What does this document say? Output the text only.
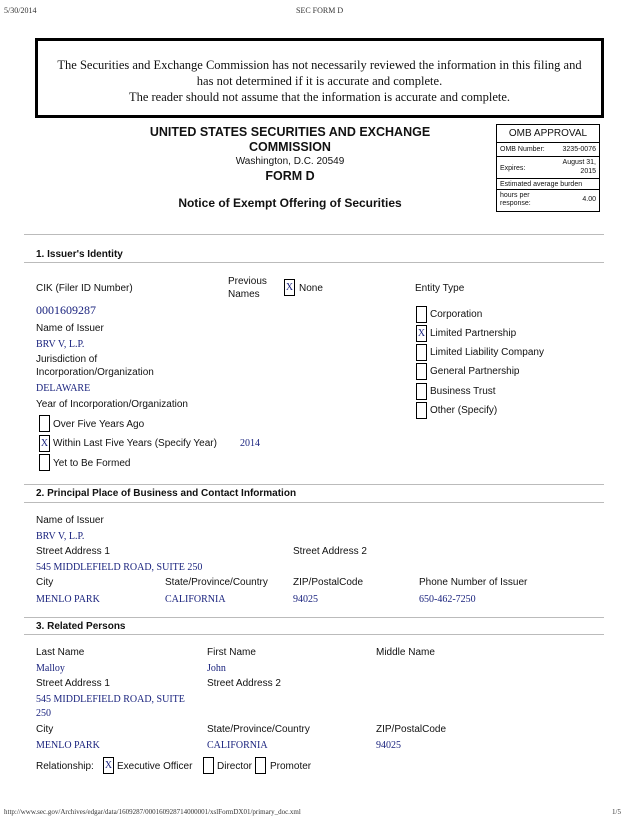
5/30/2014	SEC FORM D
The Securities and Exchange Commission has not necessarily reviewed the information in this filing and
has not determined if it is accurate and complete.
The reader should not assume that the information is accurate and complete.
UNITED STATES SECURITIES AND EXCHANGE
COMMISSION
Washington, D.C. 20549
FORM D
Notice of Exempt Offering of Securities
OMB APPROVAL
OMB Number:	3235-0076
Expires:
August 31,
2015
Estimated average burden
hours per
response:
4.00
1. Issuer's Identity
CIK (Filer ID Number)
Previous
Names
X None	Entity Type
0001609287
Name of Issuer
BRV V, L.P.
Jurisdiction of
Incorporation/Organization
DELAWARE
Year of Incorporation/Organization
Over Five Years Ago
X Within Last Five Years (Specify Year) 2014
Yet to Be Formed
Corporation
X Limited Partnership
Limited Liability Company
General Partnership
Business Trust
Other (Specify)
2. Principal Place of Business and Contact Information
Name of Issuer
BRV V, L.P.
Street Address 1	Street Address 2
545 MIDDLEFIELD ROAD, SUITE 250
City	State/Province/Country	ZIP/PostalCode	Phone Number of Issuer
MENLO PARK	CALIFORNIA	94025	650-462-7250
3. Related Persons
Last Name	First Name	Middle Name
Malloy	John
Street Address 1	Street Address 2
545 MIDDLEFIELD ROAD, SUITE
250
City	State/Province/Country	ZIP/PostalCode
MENLO PARK	CALIFORNIA	94025
Relationship: X Executive Officer Director Promoter
http://www.sec.gov/Archives/edgar/data/1609287/000160928714000001/xslFormDX01/primary_doc.xml	1/5
